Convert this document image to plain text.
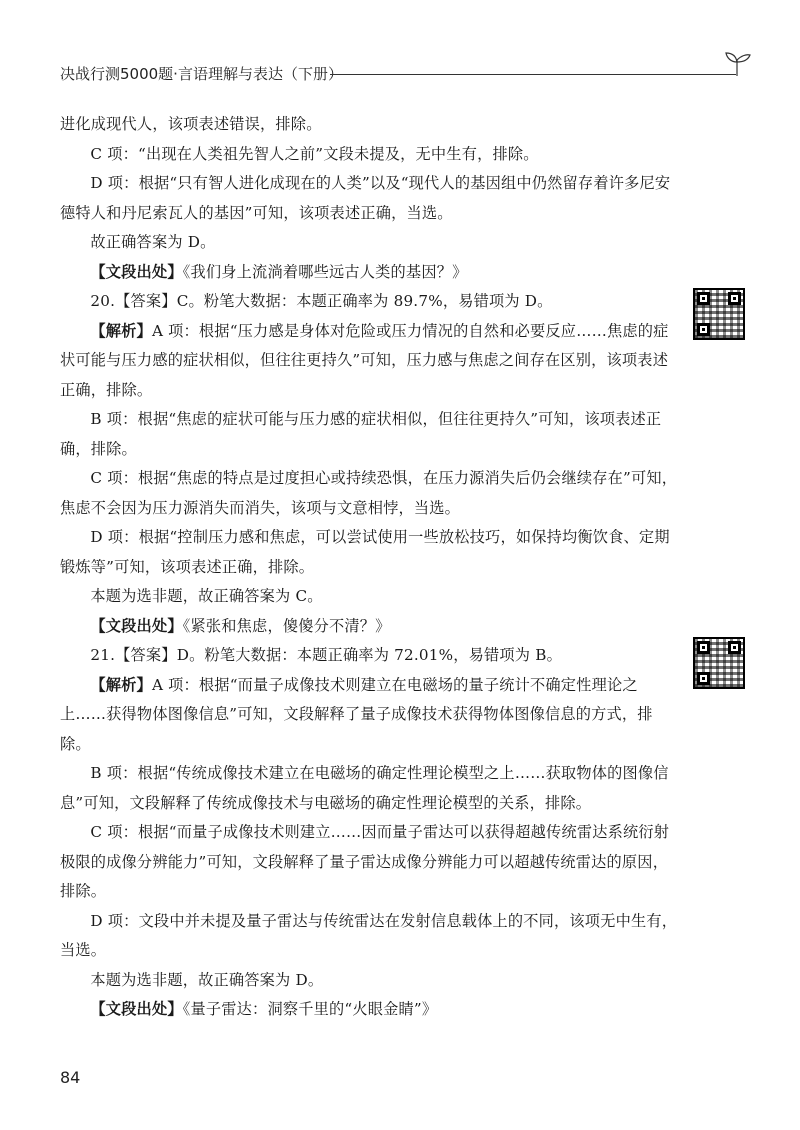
决战行测5000题·言语理解与表达（下册）

进化成现代人，该项表述错误，排除。

C 项：“出现在人类祖先智人之前”文段未提及，无中生有，排除。

D 项：根据“只有智人进化成现在的人类”以及“现代人的基因组中仍然留存着许多尼安德特人和丹尼索瓦人的基因”可知，该项表述正确，当选。

故正确答案为 D。

【文段出处】《我们身上流淌着哪些远古人类的基因？》

20.【答案】C。粉笔大数据：本题正确率为 89.7%，易错项为 D。

【解析】A 项：根据“压力感是身体对危险或压力情况的自然和必要反应……焦虑的症状可能与压力感的症状相似，但往往更持久”可知，压力感与焦虑之间存在区别，该项表述正确，排除。

B 项：根据“焦虑的症状可能与压力感的症状相似，但往往更持久”可知，该项表述正确，排除。

C 项：根据“焦虑的特点是过度担心或持续恐惧，在压力源消失后仍会继续存在”可知，焦虑不会因为压力源消失而消失，该项与文意相悖，当选。

D 项：根据“控制压力感和焦虑，可以尝试使用一些放松技巧，如保持均衡饮食、定期锻炼等”可知，该项表述正确，排除。

本题为选非题，故正确答案为 C。

【文段出处】《紧张和焦虑，傻傻分不清？》

21.【答案】D。粉笔大数据：本题正确率为 72.01%，易错项为 B。

【解析】A 项：根据“而量子成像技术则建立在电磁场的量子统计不确定性理论之上……获得物体图像信息”可知，文段解释了量子成像技术获得物体图像信息的方式，排除。

B 项：根据“传统成像技术建立在电磁场的确定性理论模型之上……获取物体的图像信息”可知，文段解释了传统成像技术与电磁场的确定性理论模型的关系，排除。

C 项：根据“而量子成像技术则建立……因而量子雷达可以获得超越传统雷达系统衍射极限的成像分辨能力”可知，文段解释了量子雷达成像分辨能力可以超越传统雷达的原因，排除。

D 项：文段中并未提及量子雷达与传统雷达在发射信息载体上的不同，该项无中生有，当选。

本题为选非题，故正确答案为 D。

【文段出处】《量子雷达：洞察千里的“火眼金睛”》

84
